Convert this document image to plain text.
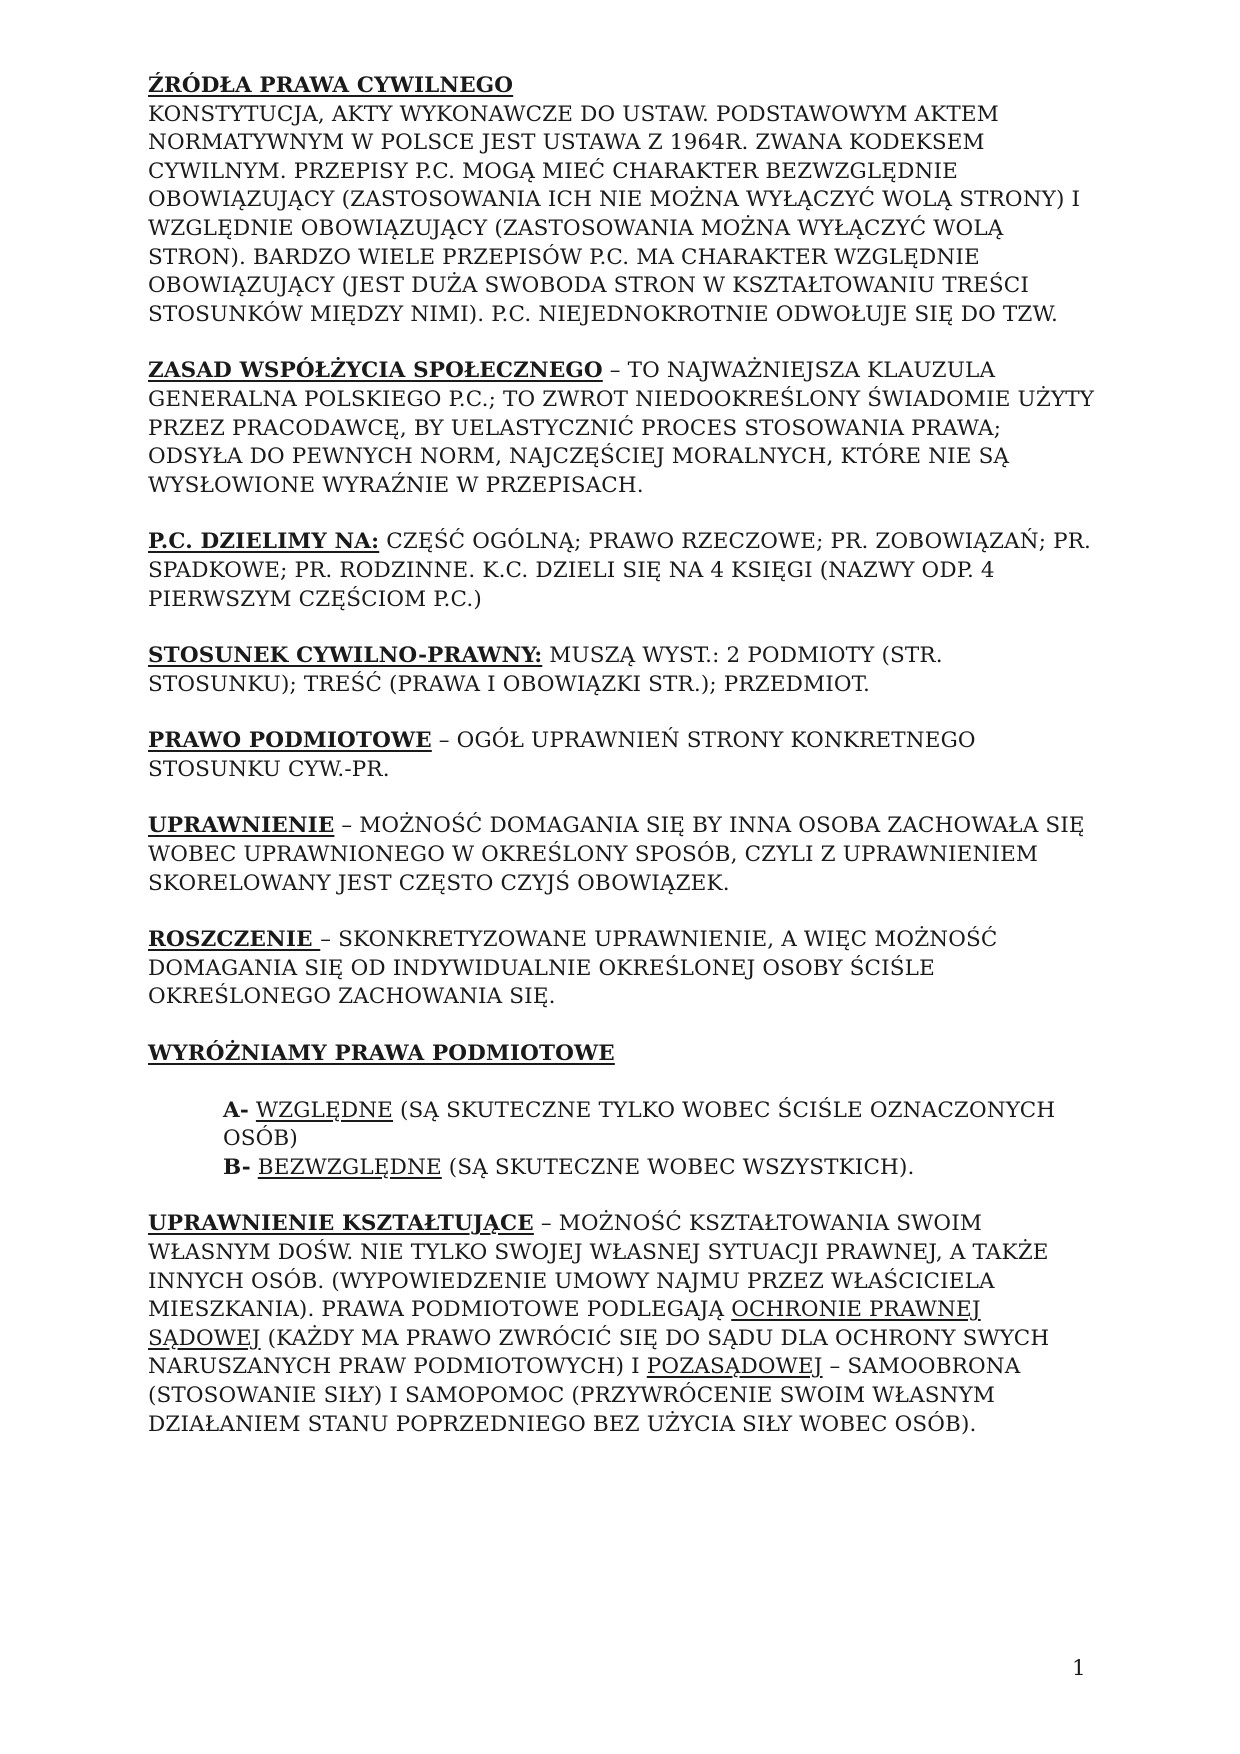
ŹRÓDŁA PRAWA CYWILNEGO
KONSTYTUCJA, AKTY WYKONAWCZE DO USTAW. PODSTAWOWYM AKTEM NORMATYWNYM W POLSCE JEST USTAWA Z 1964R. ZWANA KODEKSEM CYWILNYM. PRZEPISY P.C. MOGĄ MIEĆ CHARAKTER BEZWZGLĘDNIE OBOWIĄZUJĄCY (ZASTOSOWANIA ICH NIE MOŻNA WYŁĄCZYĆ WOLĄ STRONY) I WZGLĘDNIE OBOWIĄZUJĄCY (ZASTOSOWANIA MOŻNA WYŁĄCZYĆ WOLĄ STRON). BARDZO WIELE PRZEPISÓW P.C. MA CHARAKTER WZGLĘDNIE OBOWIĄZUJĄCY (JEST DUŻA SWOBODA STRON W KSZTAŁTOWANIU TREŚCI STOSUNKÓW MIĘDZY NIMI). P.C. NIEJEDNOKROTNIE ODWOŁUJE SIĘ DO TZW.

ZASAD WSPÓŁŻYCIA SPOŁECZNEGO – TO NAJWAŻNIEJSZA KLAUZULA GENERALNA POLSKIEGO P.C.; TO ZWROT NIEDOOKREŚLONY ŚWIADOMIE UŻYTY PRZEZ PRACODAWCĘ, BY UELASTYCZNIĆ PROCES STOSOWANIA PRAWA; ODSYŁA DO PEWNYCH NORM, NAJCZĘŚCIEJ MORALNYCH, KTÓRE NIE SĄ WYSŁOWIONE WYRAŹNIE W PRZEPISACH.

P.C. DZIELIMY NA: CZĘŚĆ OGÓLNĄ; PRAWO RZECZOWE; PR. ZOBOWIĄZAŃ; PR. SPADKOWE; PR. RODZINNE. K.C. DZIELI SIĘ NA 4 KSIĘGI (NAZWY ODP. 4 PIERWSZYM CZĘŚCIOM P.C.)

STOSUNEK CYWILNO-PRAWNY: MUSZĄ WYST.: 2 PODMIOTY (STR. STOSUNKU); TREŚĆ (PRAWA I OBOWIĄZKI STR.); PRZEDMIOT.

PRAWO PODMIOTOWE – OGÓŁ UPRAWNIEŃ STRONY KONKRETNEGO STOSUNKU CYW.-PR.

UPRAWNIENIE – MOŻNOŚĆ DOMAGANIA SIĘ BY INNA OSOBA ZACHOWAŁA SIĘ WOBEC UPRAWNIONEGO W OKREŚLONY SPOSÓB, CZYLI Z UPRAWNIENIEM SKORELOWANY JEST CZĘSTO CZYJŚ OBOWIĄZEK.

ROSZCZENIE – SKONKRETYZOWANE UPRAWNIENIE, A WIĘC MOŻNOŚĆ DOMAGANIA SIĘ OD INDYWIDUALNIE OKREŚLONEJ OSOBY ŚCIŚLE OKREŚLONEGO ZACHOWANIA SIĘ.

WYRÓŻNIAMY PRAWA PODMIOTOWE

A- WZGLĘDNE (SĄ SKUTECZNE TYLKO WOBEC ŚCIŚLE OZNACZONYCH OSÓB)

B- BEZWZGLĘDNE (SĄ SKUTECZNE WOBEC WSZYSTKICH).

UPRAWNIENIE KSZTAŁTUJĄCE – MOŻNOŚĆ KSZTAŁTOWANIA SWOIM WŁASNYM DOŚW. NIE TYLKO SWOJEJ WŁASNEJ SYTUACJI PRAWNEJ, A TAKŻE INNYCH OSÓB. (WYPOWIEDZENIE UMOWY NAJMU PRZEZ WŁAŚCICIELA MIESZKANIA). PRAWA PODMIOTOWE PODLEGAJĄ OCHRONIE PRAWNEJ SĄDOWEJ (KAŻDY MA PRAWO ZWRÓCIĆ SIĘ DO SĄDU DLA OCHRONY SWYCH NARUSZANYCH PRAW PODMIOTOWYCH) I POZASĄDOWEJ – SAMOOBRONA (STOSOWANIE SIŁY) I SAMOPOMOC (PRZYWRÓCENIE SWOIM WŁASNYM DZIAŁANIEM STANU POPRZEDNIEGO BEZ UŻYCIA SIŁY WOBEC OSÓB).

1
